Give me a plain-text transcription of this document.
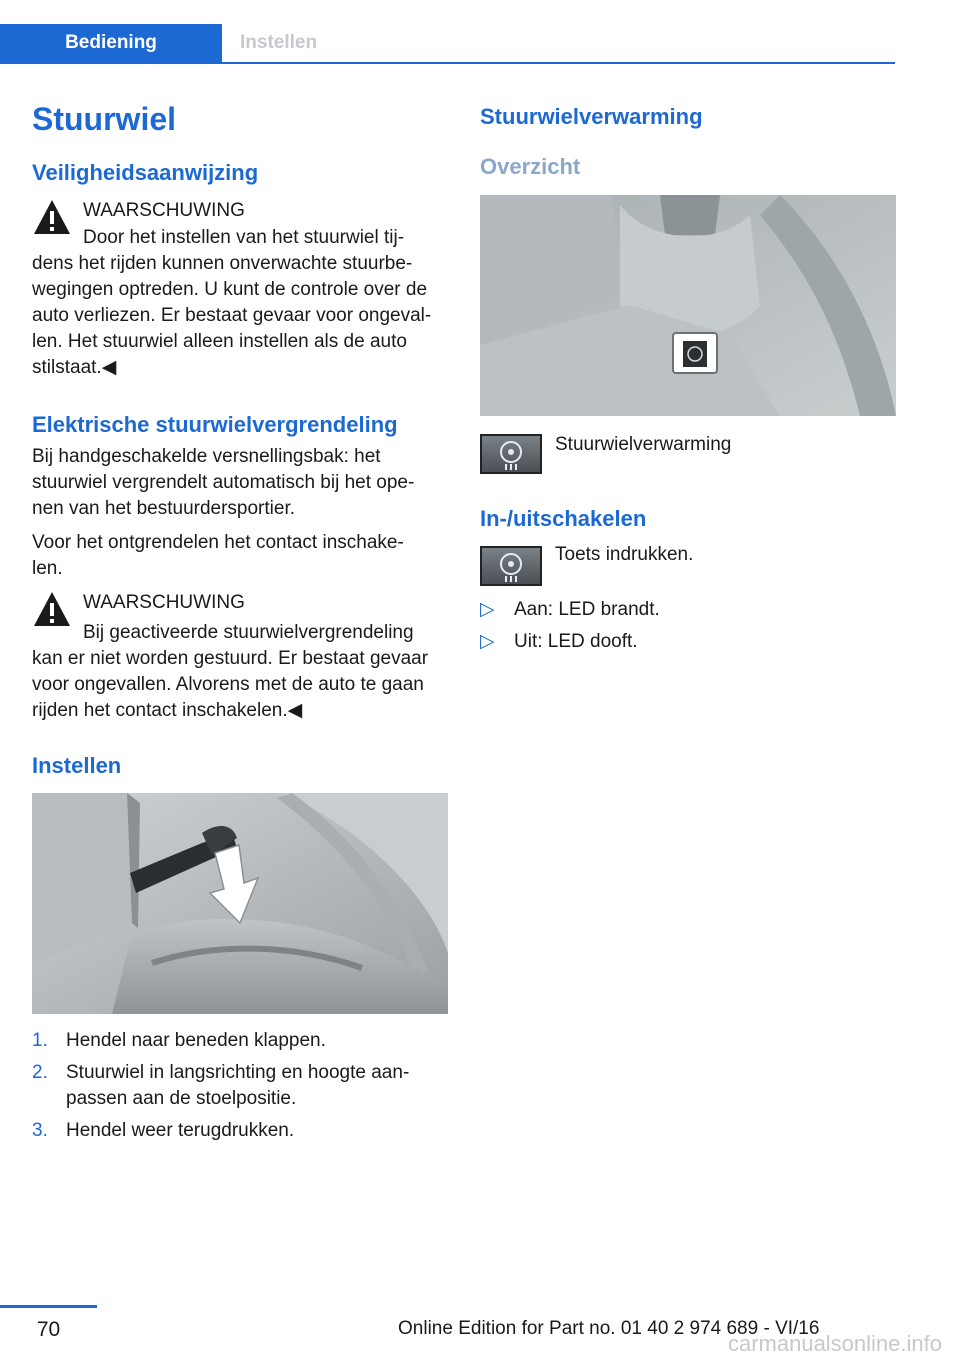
Bediening	Instellen
Stuurwiel
Veiligheidsaanwijzing
WAARSCHUWING
Door het instellen van het stuurwiel tij-
dens het rijden kunnen onverwachte stuurbe-
wegingen optreden. U kunt de controle over de
auto verliezen. Er bestaat gevaar voor ongeval-
len. Het stuurwiel alleen instellen als de auto
stilstaat.◀
Elektrische stuurwielvergrendeling
Bij handgeschakelde versnellingsbak: het
stuurwiel vergrendelt automatisch bij het ope-
nen van het bestuurdersportier.
Voor het ontgrendelen het contact inschake-
len.
WAARSCHUWING
Bij geactiveerde stuurwielvergrendeling
kan er niet worden gestuurd. Er bestaat gevaar
voor ongevallen. Alvorens met de auto te gaan
rijden het contact inschakelen.◀
Instellen
1. Hendel naar beneden klappen.
2. Stuurwiel in langsrichting en hoogte aan-
passen aan de stoelpositie.
3. Hendel weer terugdrukken.
Stuurwielverwarming
Overzicht
Stuurwielverwarming
In-/uitschakelen
Toets indrukken.
▷ Aan: LED brandt.
▷ Uit: LED dooft.
70	Online Edition for Part no. 01 40 2 974 689 - VI/16
carmanualsonline.info
